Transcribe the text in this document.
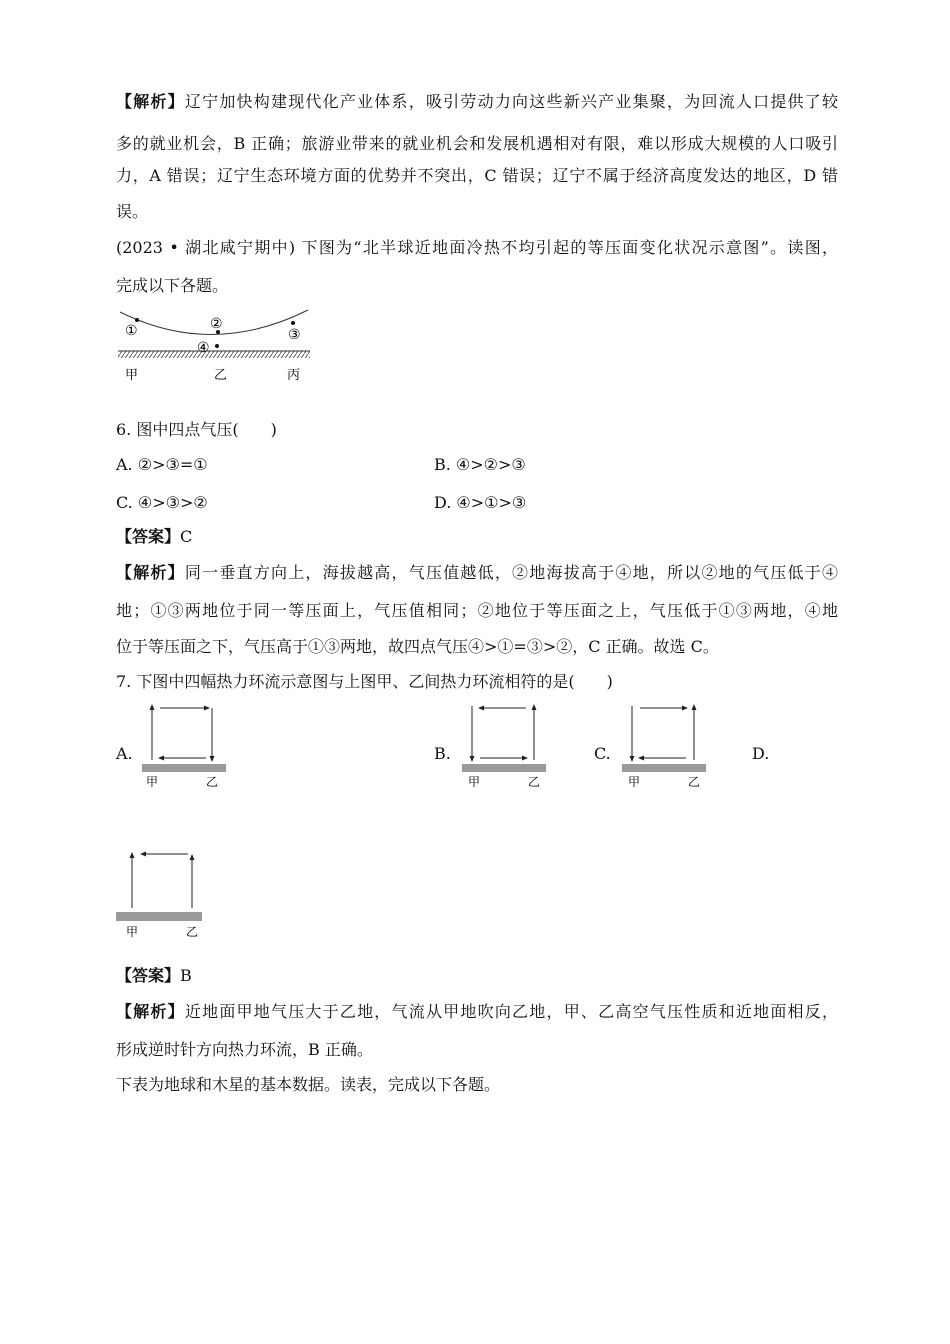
【解析】辽宁加快构建现代化产业体系，吸引劳动力向这些新兴产业集聚，为回流人口提供了较
多的就业机会，B 正确；旅游业带来的就业机会和发展机遇相对有限，难以形成大规模的人口吸引
力，A 错误；辽宁生态环境方面的优势并不突出，C 错误；辽宁不属于经济高度发达的地区，D 错
误。
(2023 • 湖北咸宁期中) 下图为“北半球近地面冷热不均引起的等压面变化状况示意图”。读图，
完成以下各题。
①	②
③
④
甲	乙	丙
6. 图中四点气压(　　)
A. ②>③=①	B. ④>②>③
C. ④>③>②	D. ④>①>③
【答案】C
【解析】同一垂直方向上，海拔越高，气压值越低，②地海拔高于④地，所以②地的气压低于④
地；①③两地位于同一等压面上，气压值相同；②地位于等压面之上，气压低于①③两地，④地
位于等压面之下，气压高于①③两地，故四点气压④>①=③>②，C 正确。故选 C。
7. 下图中四幅热力环流示意图与上图甲、乙间热力环流相符的是(　　)
A.	B.	C.	D.
甲	乙	甲	乙	甲	乙
甲	乙
【答案】B
【解析】近地面甲地气压大于乙地，气流从甲地吹向乙地，甲、乙高空气压性质和近地面相反，
形成逆时针方向热力环流，B 正确。
下表为地球和木星的基本数据。读表，完成以下各题。
